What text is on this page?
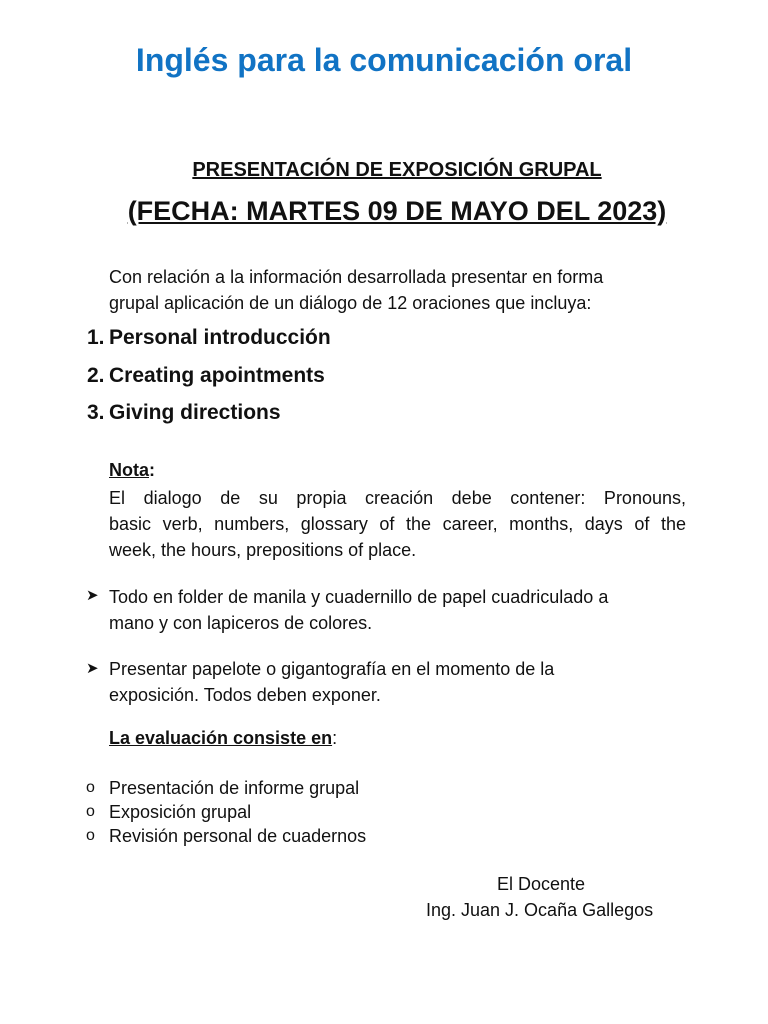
Inglés para la comunicación oral
PRESENTACIÓN DE EXPOSICIÓN GRUPAL
(FECHA: MARTES 09 DE MAYO DEL 2023)
Con relación a la información desarrollada presentar en forma
grupal aplicación de un diálogo de 12 oraciones que incluya:
1. Personal introducción
2. Creating apointments
3. Giving directions
Nota:
El dialogo de su propia creación debe contener: Pronouns,
basic verb, numbers, glossary of the career, months, days of the
week, the hours, prepositions of place.
➤ Todo en folder de manila y cuadernillo de papel cuadriculado a
mano y con lapiceros de colores.
➤ Presentar papelote o gigantografía en el momento de la
exposición. Todos deben exponer.
La evaluación consiste en:
o Presentación de informe grupal
o Exposición grupal
o Revisión personal de cuadernos
El Docente
Ing. Juan J. Ocaña Gallegos
